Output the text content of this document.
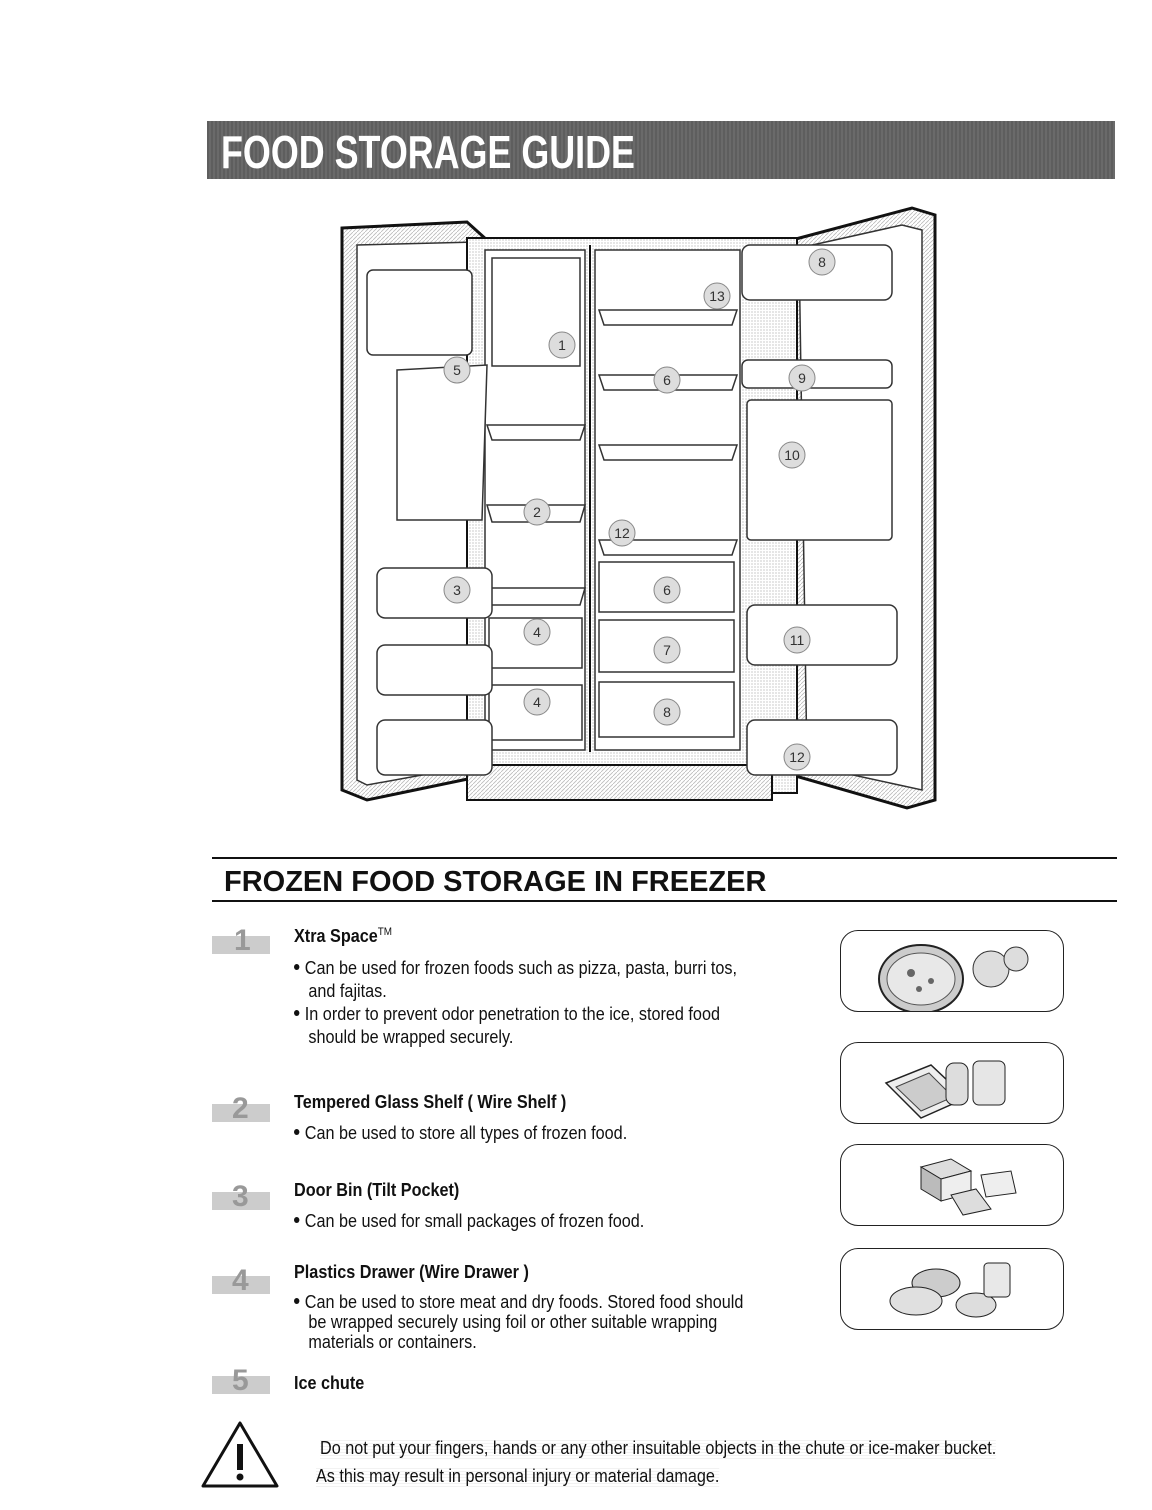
FOOD STORAGE GUIDE
1
2
3
4
4
5
6
6
7
8
8
9
10
11
12
12
13
FROZEN FOOD STORAGE IN FREEZER
1 Xtra Space™
Can be used for frozen foods such as pizza, pasta, burri tos,
and fajitas.
In order to prevent odor penetration to the ice, stored food
should be wrapped securely.
2	Tempered Glass Shelf ( Wire Shelf )
Can be used to store all types of frozen food.
3	Door Bin (Tilt Pocket)
Can be used for small packages of frozen food.
4	Plastics Drawer (Wire Drawer )
Can be used to store meat and dry foods. Stored food should
be wrapped securely using foil or other suitable wrapping
materials or containers.
5	Ice chute
Do not put your fingers, hands or any other insuitable objects in the chute or ice-maker bucket.
As this may result in personal injury or material damage.
